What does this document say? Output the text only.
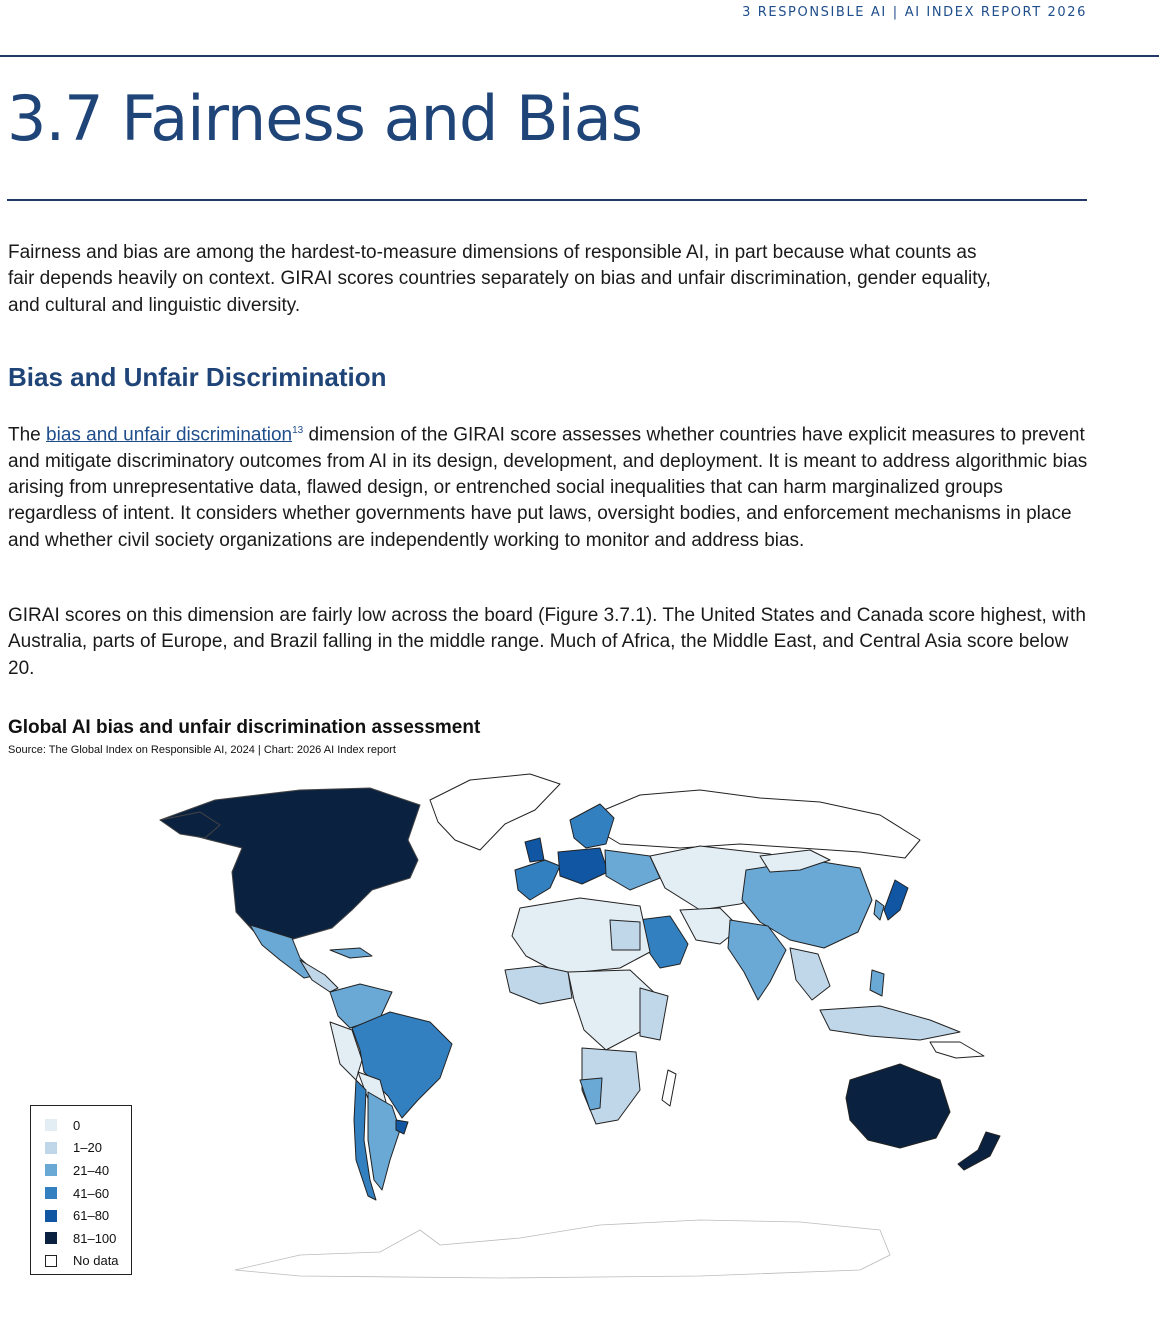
3 RESPONSIBLE AI | AI INDEX REPORT 2026
3.7 Fairness and Bias

Fairness and bias are among the hardest-to-measure dimensions of responsible AI, in part because what counts as fair depends heavily on context. GIRAI scores countries separately on bias and unfair discrimination, gender equality, and cultural and linguistic diversity.

Bias and Unfair Discrimination

The bias and unfair discrimination$^{13}$ dimension of the GIRAI score assesses whether countries have explicit measures to prevent and mitigate discriminatory outcomes from AI in its design, development, and deployment. It is meant to address algorithmic bias arising from unrepresentative data, flawed design, or entrenched social inequalities that can harm marginalized groups regardless of intent. It considers whether governments have put laws, oversight bodies, and enforcement mechanisms in place and whether civil society organizations are independently working to monitor and address bias.

GIRAI scores on this dimension are fairly low across the board (Figure 3.7.1). The United States and Canada score highest, with Australia, parts of Europe, and Brazil falling in the middle range. Much of Africa, the Middle East, and Central Asia score below 20.

Global AI bias and unfair discrimination assessment
Source: The Global Index on Responsible AI, 2024 | Chart: 2026 AI Index report
0
1–20
21–40
41–60
61–80
81–100
No data
